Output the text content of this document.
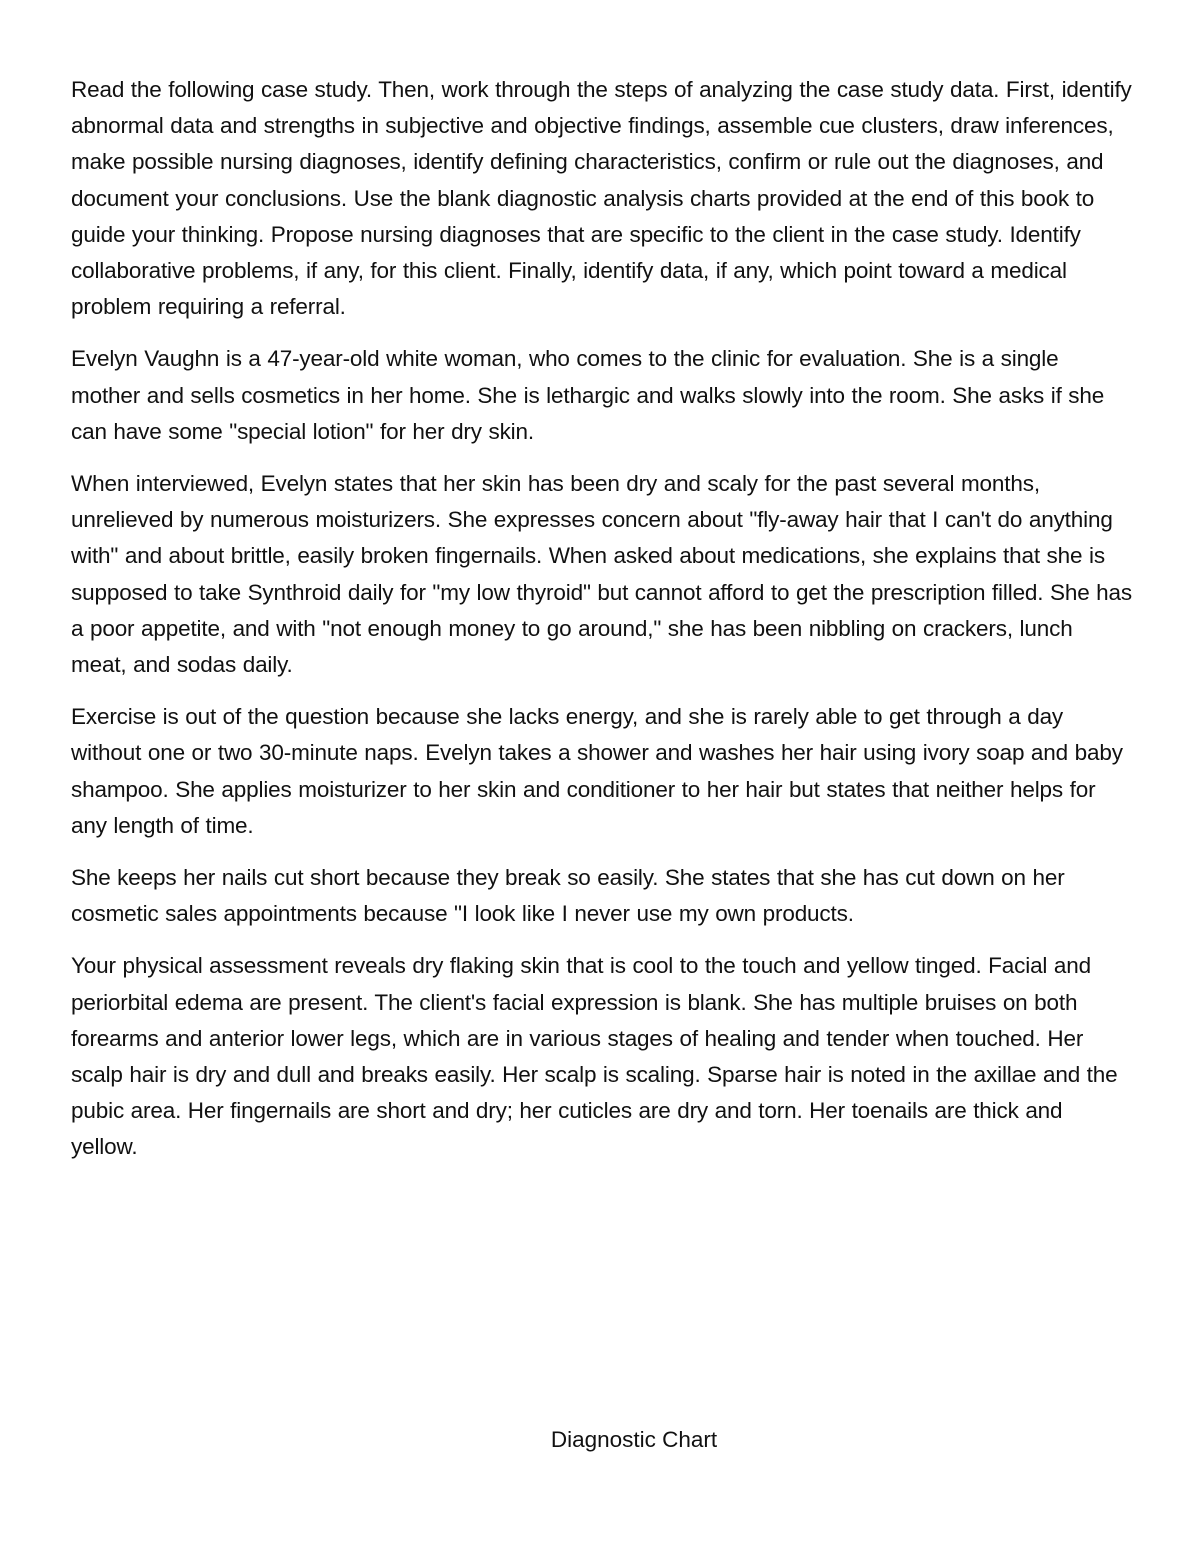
Read the following case study. Then, work through the steps of analyzing the case study data. First, identify abnormal data and strengths in subjective and objective findings, assemble cue clusters, draw inferences, make possible nursing diagnoses, identify defining characteristics, confirm or rule out the diagnoses, and document your conclusions. Use the blank diagnostic analysis charts provided at the end of this book to guide your thinking. Propose nursing diagnoses that are specific to the client in the case study. Identify collaborative problems, if any, for this client. Finally, identify data, if any, which point toward a medical problem requiring a referral.

Evelyn Vaughn is a 47-year-old white woman, who comes to the clinic for evaluation. She is a single mother and sells cosmetics in her home. She is lethargic and walks slowly into the room. She asks if she can have some "special lotion" for her dry skin.

When interviewed, Evelyn states that her skin has been dry and scaly for the past several months, unrelieved by numerous moisturizers. She expresses concern about "fly-away hair that I can't do anything with" and about brittle, easily broken fingernails. When asked about medications, she explains that she is supposed to take Synthroid daily for "my low thyroid" but cannot afford to get the prescription filled. She has a poor appetite, and with "not enough money to go around," she has been nibbling on crackers, lunch meat, and sodas daily.

Exercise is out of the question because she lacks energy, and she is rarely able to get through a day without one or two 30-minute naps. Evelyn takes a shower and washes her hair using ivory soap and baby shampoo. She applies moisturizer to her skin and conditioner to her hair but states that neither helps for any length of time.

She keeps her nails cut short because they break so easily. She states that she has cut down on her cosmetic sales appointments because "I look like I never use my own products.

Your physical assessment reveals dry flaking skin that is cool to the touch and yellow tinged. Facial and periorbital edema are present. The client's facial expression is blank. She has multiple bruises on both forearms and anterior lower legs, which are in various stages of healing and tender when touched. Her scalp hair is dry and dull and breaks easily. Her scalp is scaling. Sparse hair is noted in the axillae and the pubic area. Her fingernails are short and dry; her cuticles are dry and torn. Her toenails are thick and yellow.

Diagnostic Chart
